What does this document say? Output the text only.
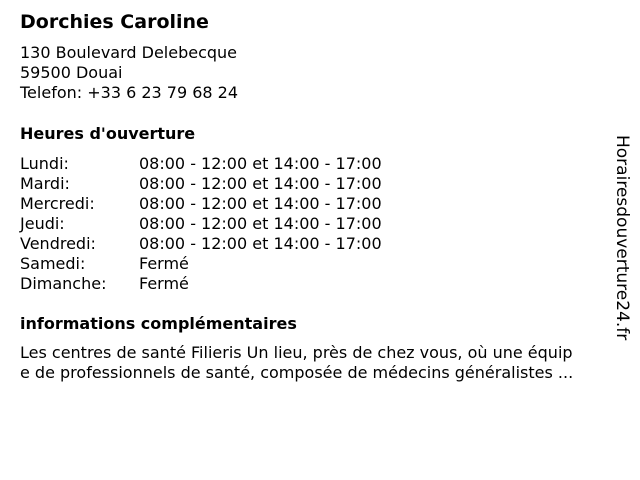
Dorchies Caroline
130 Boulevard Delebecque
59500 Douai
Telefon: +33 6 23 79 68 24
Heures d'ouverture
Lundi:	08:00 - 12:00 et 14:00 - 17:00
Mardi:	08:00 - 12:00 et 14:00 - 17:00
Mercredi:	08:00 - 12:00 et 14:00 - 17:00
Jeudi:	08:00 - 12:00 et 14:00 - 17:00
Vendredi:	08:00 - 12:00 et 14:00 - 17:00
Samedi:	Fermé
Dimanche:	Fermé
informations complémentaires
Les centres de santé Filieris Un lieu, près de chez vous, où une équip
e de professionnels de santé, composée de médecins généralistes ...
Horairesdouverture24.fr
